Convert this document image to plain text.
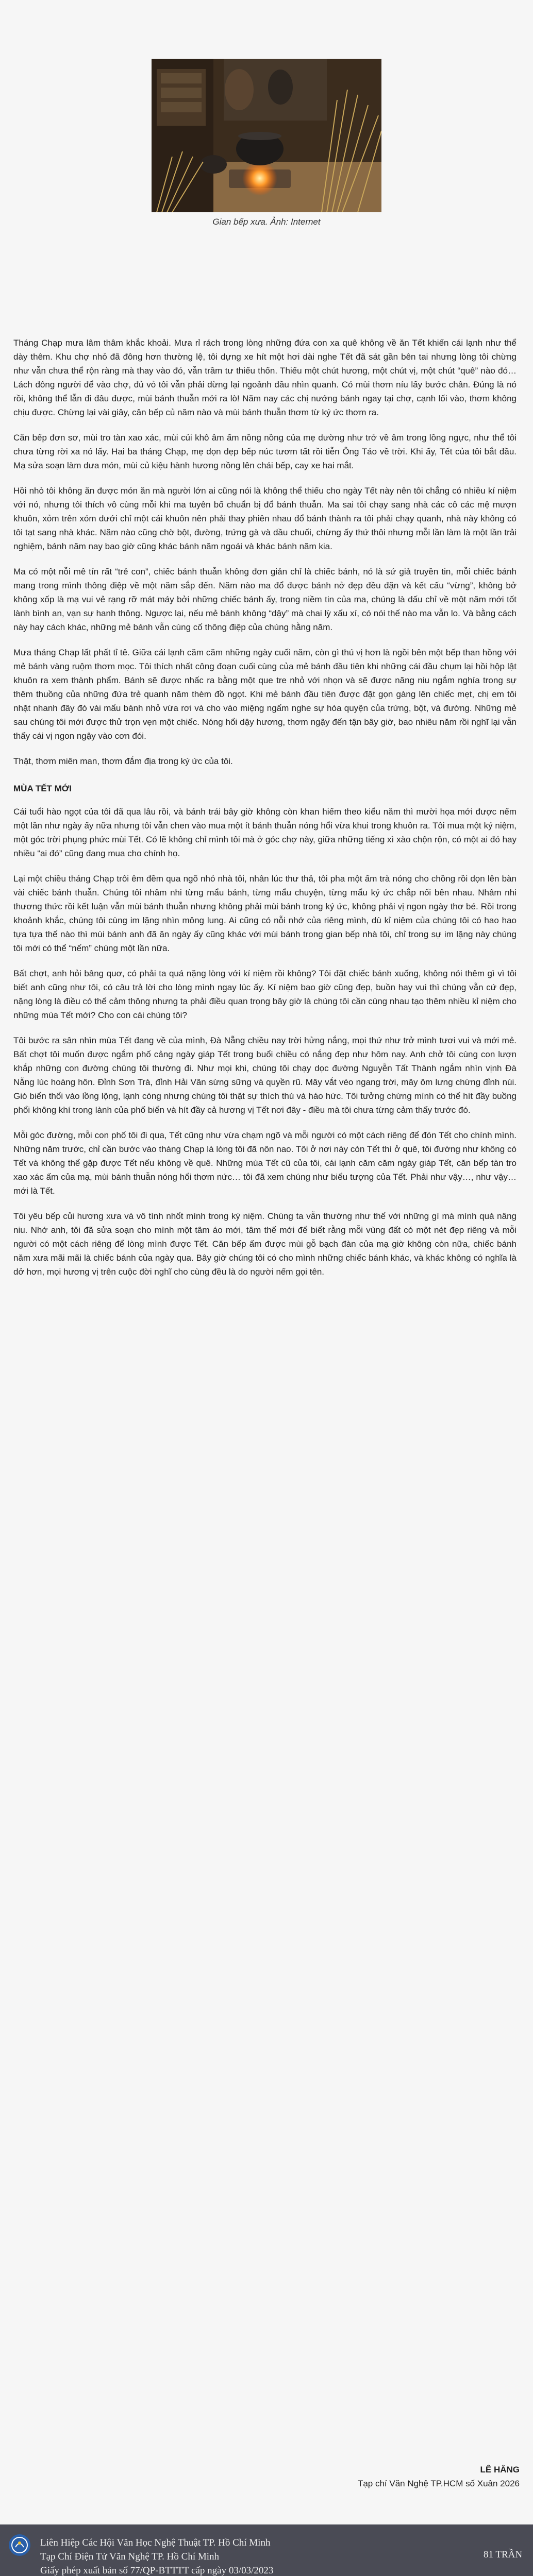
Gian bếp xưa. Ảnh: Internet

Tháng Chạp mưa lâm thâm khắc khoải. Mưa rỉ rách trong lòng những đứa con xa quê không về ăn Tết khiến cái lạnh như thể dày thêm. Khu chợ nhỏ đã đông hơn thường lệ, tôi dựng xe hít một hơi dài nghe Tết đã sát gần bên tai nhưng lòng tôi chừng như vẫn chưa thể rộn ràng mà thay vào đó, vẫn trầm tư thiếu thốn. Thiếu một chút hương, một chút vị, một chút “quê” nào đó… Lách đông người để vào chợ, đủ vỏ tôi vẫn phải dừng lại ngoảnh đầu nhìn quanh. Có mùi thơm níu lấy bước chân. Đúng là nó rồi, không thể lẫn đi đâu được, mùi bánh thuẫn mới ra lò! Năm nay các chị nướng bánh ngay tại chợ, cạnh lối vào, thơm không chịu được. Chừng lại vài giây, cân bếp củ năm nào và mùi bánh thuẫn thơm từ ký ức thơm ra.

Căn bếp đơn sơ, mùi tro tàn xao xác, mùi củi khô âm ấm nồng nồng của mẹ dường như trở về âm trong lồng ngực, như thể tôi chưa từng rời xa nó lấy. Hai ba tháng Chạp, mẹ dọn dẹp bếp núc tươm tất rồi tiễn Ông Táo về trời. Khi ấy, Tết của tôi bắt đầu. Mạ sửa soạn làm dưa món, mùi củ kiệu hành hương nồng lên chái bếp, cay xe hai mắt.

Hồi nhỏ tôi không ăn được món ăn mà người lớn ai cũng nói là không thể thiếu cho ngày Tết này nên tôi chẳng có nhiều kí niệm với nó, nhưng tôi thích vô cùng mỗi khi ma tuyên bố chuẩn bị đổ bánh thuẫn. Ma sai tôi chạy sang nhà các cô các mệ mượn khuôn, xỏm trên xóm dưới chỉ một cái khuôn nên phải thay phiên nhau đổ bánh thành ra tôi phải chạy quanh, nhà này không có tôi tạt sang nhà khác. Năm nào cũng chờ bột, đường, trứng gà và dầu chuối, chừng ấy thứ thôi nhưng mỗi lần làm là một lần trải nghiệm, bánh năm nay bao giờ cũng khác bánh năm ngoái và khác bánh năm kia.

Ma có một nỗi mê tín rất “trẻ con”, chiếc bánh thuẫn không đơn giản chỉ là chiếc bánh, nó là sứ giả truyền tin, mỗi chiếc bánh mang trong mình thông điệp về một năm sắp đến. Năm nào ma đổ được bánh nở đẹp đều đặn và kết cấu “vừng”, không bở không xốp là mạ vui vẻ rạng rỡ mát máy bởi những chiếc bánh ấy, trong niềm tin của ma, chúng là dấu chỉ về một năm mới tốt lành bình an, vạn sự hanh thông. Ngược lại, nếu mẻ bánh không “dậy” mà chai lỳ xấu xí, có nói thế nào ma vẫn lo. Và bằng cách này hay cách khác, những mẻ bánh vẫn cùng cố thông điệp của chúng hằng năm.

Mưa tháng Chạp lất phất tỉ tê. Giữa cái lạnh căm căm những ngày cuối năm, còn gì thú vị hơn là ngồi bên một bếp than hồng với mẻ bánh vàng ruộm thơm mọc. Tôi thích nhất công đoạn cuối cùng của mẻ bánh đầu tiên khi những cái đầu chụm lại hồi hộp lật khuôn ra xem thành phẩm. Bánh sẽ được nhấc ra bằng một que tre nhỏ với nhọn và sẽ được năng niu ngắm nghía trong sự thêm thuồng của những đứa trẻ quanh năm thèm đồ ngọt. Khi mẻ bánh đầu tiên được đặt gọn gàng lên chiếc mẹt, chị em tôi nhặt nhanh đây đó vài mẩu bánh nhỏ vừa rơi và cho vào miệng ngấm nghe sự hòa quyện của trứng, bột, và đường. Những mẻ sau chúng tôi mới được thử trọn vẹn một chiếc. Nóng hổi dậy hương, thơm ngậy đến tận bây giờ, bao nhiêu năm rồi nghĩ lại vẫn thấy cái vị ngon ngậy vào cơn đói.

Thật, thơm miên man, thơm đắm địa trong ký ức của tôi.

MÙA TẾT MỚI

Cái tuổi hào ngọt của tôi đã qua lâu rồi, và bánh trái bây giờ không còn khan hiếm theo kiểu năm thì mười họa mới được nếm một lần như ngày ấy nữa nhưng tôi vẫn chen vào mua một ít bánh thuẫn nóng hổi vừa khui trong khuôn ra. Tôi mua một ký niệm, một góc trời phụng phức mùi Tết. Có lẽ không chỉ mình tôi mà ở góc chợ này, giữa những tiếng xì xào chộn rộn, có một ai đó hay nhiều “ai đó” cũng đang mua cho chính họ.

Lại một chiều tháng Chạp trôi êm đềm qua ngõ nhỏ nhà tôi, nhân lúc thư thả, tôi pha một ấm trà nóng cho chồng rồi dọn lên bàn vài chiếc bánh thuẫn. Chúng tôi nhâm nhi từng mẩu bánh, từng mẩu chuyện, từng mẩu ký ức chắp nối bên nhau. Nhâm nhi thương thức rồi kết luận vẫn mùi bánh thuẫn nhưng không phải mùi bánh trong ký ức, không phải vị ngon ngày thơ bé. Rồi trong khoảnh khắc, chúng tôi cùng im lặng nhìn mông lung. Ai cũng có nỗi nhớ của riêng mình, dù kỉ niệm của chúng tôi có hao hao tựa tựa thế nào thì mùi bánh anh đã ăn ngày ấy cũng khác với mùi bánh trong gian bếp nhà tôi, chỉ trong sự im lặng này chúng tôi mới có thể “nếm” chúng một lần nữa.

Bất chợt, anh hỏi bâng quơ, có phải ta quá nặng lòng với kí niệm rồi không? Tôi đặt chiếc bánh xuống, không nói thêm gì vì tôi biết anh cũng như tôi, có câu trả lời cho lòng mình ngay lúc ấy. Kí niệm bao giờ cũng đẹp, buồn hay vui thì chúng vẫn cứ đẹp, nặng lòng là điều có thể cảm thông nhưng ta phải điều quan trọng bây giờ là chúng tôi cần cùng nhau tạo thêm nhiều kỉ niệm cho những mùa Tết mới? Cho con cái chúng tôi?

Tôi bước ra sân nhìn mùa Tết đang về của mình, Đà Nẵng chiều nay trời hửng nắng, mọi thứ như trở mình tươi vui và mới mẻ. Bất chợt tôi muốn được ngắm phố cảng ngày giáp Tết trong buổi chiều có nắng đẹp như hôm nay. Anh chở tôi cùng con lượn khắp những con đường chúng tôi thường đi. Như mọi khi, chúng tôi chạy dọc đường Nguyễn Tất Thành ngắm nhìn vịnh Đà Nẵng lúc hoàng hôn. Đỉnh Sơn Trà, đỉnh Hải Vân sừng sững và quyền rũ. Mây vắt véo ngang trời, mây ôm lưng chừng đỉnh núi. Gió biển thổi vào lồng lộng, lạnh cóng nhưng chúng tôi thật sự thích thú và háo hức. Tôi tưởng chừng mình có thể hít đầy buồng phổi không khí trong lành của phố biển và hít đầy cả hương vị Tết nơi đây - điều mà tôi chưa từng cảm thấy trước đó.

Mỗi góc đường, mỗi con phố tôi đi qua, Tết cũng như vừa chạm ngõ và mỗi người có một cách riêng để đón Tết cho chính mình. Những năm trước, chỉ cần bước vào tháng Chạp là lòng tôi đã nôn nao. Tôi ở nơi này còn Tết thì ở quê, tôi đường như không có Tết và không thể gặp được Tết nếu không về quê. Những mùa Tết cũ của tôi, cái lạnh căm căm ngày giáp Tết, căn bếp tàn tro xao xác ấm của mạ, mùi bánh thuẫn nóng hổi thơm nức… tôi đã xem chúng như biểu tượng của Tết. Phải như vậy…, như vậy… mới là Tết.

Tôi yêu bếp củi hương xưa và vô tình nhốt mình trong ký niệm. Chúng ta vẫn thường như thế với những gì mà mình quá nâng niu. Nhớ anh, tôi đã sửa soạn cho mình một tâm áo mới, tâm thế mới để biết rằng mỗi vùng đất có một nét đẹp riêng và mỗi người có một cách riêng để lòng mình được Tết. Căn bếp ấm được mùi gỗ bạch đàn của mạ giờ không còn nữa, chiếc bánh năm xưa mãi mãi là chiếc bánh của ngày qua. Bây giờ chúng tôi có cho mình những chiếc bánh khác, và khác không có nghĩa là dở hơn, mọi hương vị trên cuộc đời nghĩ cho cùng đều là do người nếm gọi tên.

LÊ HẰNG
Tạp chí Văn Nghệ TP.HCM số Xuân 2026
Liên Hiệp Các Hội Văn Học Nghệ Thuật TP. Hồ Chí Minh
Tạp Chí Điện Tử Văn Nghệ TP. Hồ Chí Minh
Giấy phép xuất bản số 77/QP-BTTTT cấp ngày 03/03/2023
81 TRẦN
